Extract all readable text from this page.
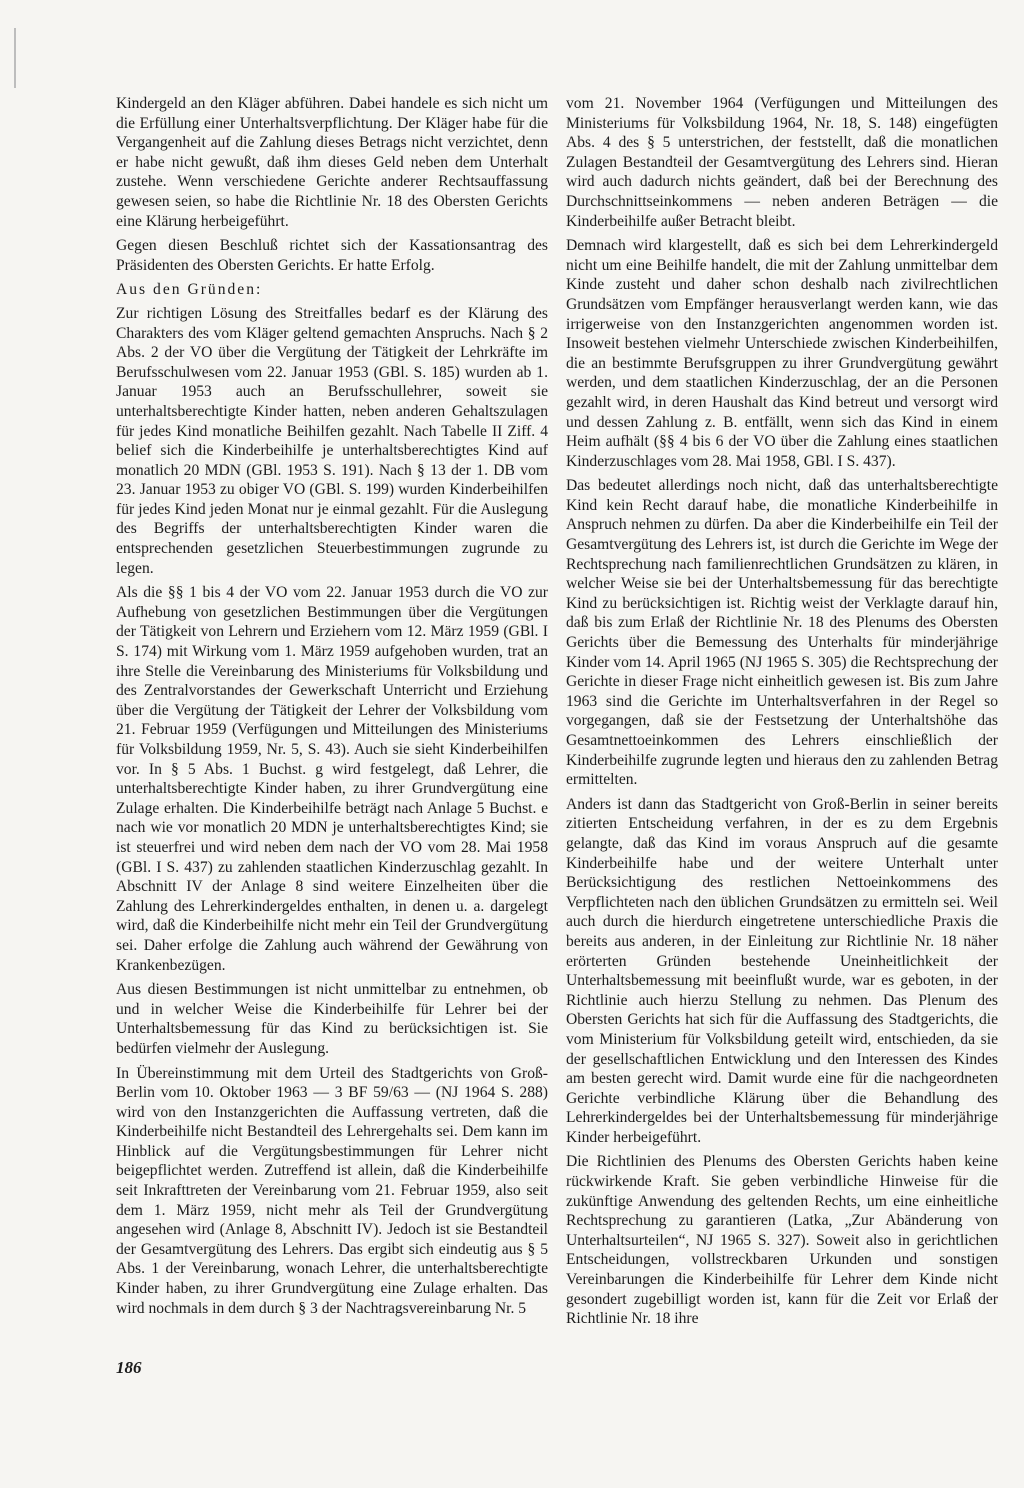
Kindergeld an den Kläger abführen. Dabei handele es sich nicht um die Erfüllung einer Unterhaltsverpflichtung. Der Kläger habe für die Vergangenheit auf die Zahlung dieses Betrags nicht verzichtet, denn er habe nicht gewußt, daß ihm dieses Geld neben dem Unterhalt zustehe. Wenn verschiedene Gerichte anderer Rechtsauffassung gewesen seien, so habe die Richtlinie Nr. 18 des Obersten Gerichts eine Klärung herbeigeführt.

Gegen diesen Beschluß richtet sich der Kassationsantrag des Präsidenten des Obersten Gerichts. Er hatte Erfolg.

Aus den Gründen:

Zur richtigen Lösung des Streitfalles bedarf es der Klärung des Charakters des vom Kläger geltend gemachten Anspruchs. Nach § 2 Abs. 2 der VO über die Vergütung der Tätigkeit der Lehrkräfte im Berufsschulwesen vom 22. Januar 1953 (GBl. S. 185) wurden ab 1. Januar 1953 auch an Berufsschullehrer, soweit sie unterhaltsberechtigte Kinder hatten, neben anderen Gehaltszulagen für jedes Kind monatliche Beihilfen gezahlt. Nach Tabelle II Ziff. 4 belief sich die Kinderbeihilfe je unterhaltsberechtigtes Kind auf monatlich 20 MDN (GBl. 1953 S. 191). Nach § 13 der 1. DB vom 23. Januar 1953 zu obiger VO (GBl. S. 199) wurden Kinderbeihilfen für jedes Kind jeden Monat nur je einmal gezahlt. Für die Auslegung des Begriffs der unterhaltsberechtigten Kinder waren die entsprechenden gesetzlichen Steuerbestimmungen zugrunde zu legen.

Als die §§ 1 bis 4 der VO vom 22. Januar 1953 durch die VO zur Aufhebung von gesetzlichen Bestimmungen über die Vergütungen der Tätigkeit von Lehrern und Erziehern vom 12. März 1959 (GBl. I S. 174) mit Wirkung vom 1. März 1959 aufgehoben wurden, trat an ihre Stelle die Vereinbarung des Ministeriums für Volksbildung und des Zentralvorstandes der Gewerkschaft Unterricht und Erziehung über die Vergütung der Tätigkeit der Lehrer der Volksbildung vom 21. Februar 1959 (Verfügungen und Mitteilungen des Ministeriums für Volksbildung 1959, Nr. 5, S. 43). Auch sie sieht Kinderbeihilfen vor. In § 5 Abs. 1 Buchst. g wird festgelegt, daß Lehrer, die unterhaltsberechtigte Kinder haben, zu ihrer Grundvergütung eine Zulage erhalten. Die Kinderbeihilfe beträgt nach Anlage 5 Buchst. e nach wie vor monatlich 20 MDN je unterhaltsberechtigtes Kind; sie ist steuerfrei und wird neben dem nach der VO vom 28. Mai 1958 (GBl. I S. 437) zu zahlenden staatlichen Kinderzuschlag gezahlt. In Abschnitt IV der Anlage 8 sind weitere Einzelheiten über die Zahlung des Lehrerkindergeldes enthalten, in denen u. a. dargelegt wird, daß die Kinderbeihilfe nicht mehr ein Teil der Grundvergütung sei. Daher erfolge die Zahlung auch während der Gewährung von Krankenbezügen.

Aus diesen Bestimmungen ist nicht unmittelbar zu entnehmen, ob und in welcher Weise die Kinderbeihilfe für Lehrer bei der Unterhaltsbemessung für das Kind zu berücksichtigen ist. Sie bedürfen vielmehr der Auslegung.

In Übereinstimmung mit dem Urteil des Stadtgerichts von Groß-Berlin vom 10. Oktober 1963 — 3 BF 59/63 — (NJ 1964 S. 288) wird von den Instanzgerichten die Auffassung vertreten, daß die Kinderbeihilfe nicht Bestandteil des Lehrergehalts sei. Dem kann im Hinblick auf die Vergütungsbestimmungen für Lehrer nicht beigepflichtet werden. Zutreffend ist allein, daß die Kinderbeihilfe seit Inkrafttreten der Vereinbarung vom 21. Februar 1959, also seit dem 1. März 1959, nicht mehr als Teil der Grundvergütung angesehen wird (Anlage 8, Abschnitt IV). Jedoch ist sie Bestandteil der Gesamtvergütung des Lehrers. Das ergibt sich eindeutig aus § 5 Abs. 1 der Vereinbarung, wonach Lehrer, die unterhaltsberechtigte Kinder haben, zu ihrer Grundvergütung eine Zulage erhalten. Das wird nochmals in dem durch § 3 der Nachtragsvereinbarung Nr. 5

vom 21. November 1964 (Verfügungen und Mitteilungen des Ministeriums für Volksbildung 1964, Nr. 18, S. 148) eingefügten Abs. 4 des § 5 unterstrichen, der feststellt, daß die monatlichen Zulagen Bestandteil der Gesamtvergütung des Lehrers sind. Hieran wird auch dadurch nichts geändert, daß bei der Berechnung des Durchschnittseinkommens — neben anderen Beträgen — die Kinderbeihilfe außer Betracht bleibt.

Demnach wird klargestellt, daß es sich bei dem Lehrerkindergeld nicht um eine Beihilfe handelt, die mit der Zahlung unmittelbar dem Kinde zusteht und daher schon deshalb nach zivilrechtlichen Grundsätzen vom Empfänger herausverlangt werden kann, wie das irrigerweise von den Instanzgerichten angenommen worden ist. Insoweit bestehen vielmehr Unterschiede zwischen Kinderbeihilfen, die an bestimmte Berufsgruppen zu ihrer Grundvergütung gewährt werden, und dem staatlichen Kinderzuschlag, der an die Personen gezahlt wird, in deren Haushalt das Kind betreut und versorgt wird und dessen Zahlung z. B. entfällt, wenn sich das Kind in einem Heim aufhält (§§ 4 bis 6 der VO über die Zahlung eines staatlichen Kinderzuschlages vom 28. Mai 1958, GBl. I S. 437).

Das bedeutet allerdings noch nicht, daß das unterhaltsberechtigte Kind kein Recht darauf habe, die monatliche Kinderbeihilfe in Anspruch nehmen zu dürfen. Da aber die Kinderbeihilfe ein Teil der Gesamtvergütung des Lehrers ist, ist durch die Gerichte im Wege der Rechtsprechung nach familienrechtlichen Grundsätzen zu klären, in welcher Weise sie bei der Unterhaltsbemessung für das berechtigte Kind zu berücksichtigen ist. Richtig weist der Verklagte darauf hin, daß bis zum Erlaß der Richtlinie Nr. 18 des Plenums des Obersten Gerichts über die Bemessung des Unterhalts für minderjährige Kinder vom 14. April 1965 (NJ 1965 S. 305) die Rechtsprechung der Gerichte in dieser Frage nicht einheitlich gewesen ist. Bis zum Jahre 1963 sind die Gerichte im Unterhaltsverfahren in der Regel so vorgegangen, daß sie der Festsetzung der Unterhaltshöhe das Gesamtnettoeinkommen des Lehrers einschließlich der Kinderbeihilfe zugrunde legten und hieraus den zu zahlenden Betrag ermittelten.

Anders ist dann das Stadtgericht von Groß-Berlin in seiner bereits zitierten Entscheidung verfahren, in der es zu dem Ergebnis gelangte, daß das Kind im voraus Anspruch auf die gesamte Kinderbeihilfe habe und der weitere Unterhalt unter Berücksichtigung des restlichen Nettoeinkommens des Verpflichteten nach den üblichen Grundsätzen zu ermitteln sei. Weil auch durch die hierdurch eingetretene unterschiedliche Praxis die bereits aus anderen, in der Einleitung zur Richtlinie Nr. 18 näher erörterten Gründen bestehende Uneinheitlichkeit der Unterhaltsbemessung mit beeinflußt wurde, war es geboten, in der Richtlinie auch hierzu Stellung zu nehmen. Das Plenum des Obersten Gerichts hat sich für die Auffassung des Stadtgerichts, die vom Ministerium für Volksbildung geteilt wird, entschieden, da sie der gesellschaftlichen Entwicklung und den Interessen des Kindes am besten gerecht wird. Damit wurde eine für die nachgeordneten Gerichte verbindliche Klärung über die Behandlung des Lehrerkindergeldes bei der Unterhaltsbemessung für minderjährige Kinder herbeigeführt.

Die Richtlinien des Plenums des Obersten Gerichts haben keine rückwirkende Kraft. Sie geben verbindliche Hinweise für die zukünftige Anwendung des geltenden Rechts, um eine einheitliche Rechtsprechung zu garantieren (Latka, „Zur Abänderung von Unterhaltsurteilen“, NJ 1965 S. 327). Soweit also in gerichtlichen Entscheidungen, vollstreckbaren Urkunden und sonstigen Vereinbarungen die Kinderbeihilfe für Lehrer dem Kinde nicht gesondert zugebilligt worden ist, kann für die Zeit vor Erlaß der Richtlinie Nr. 18 ihre

186
